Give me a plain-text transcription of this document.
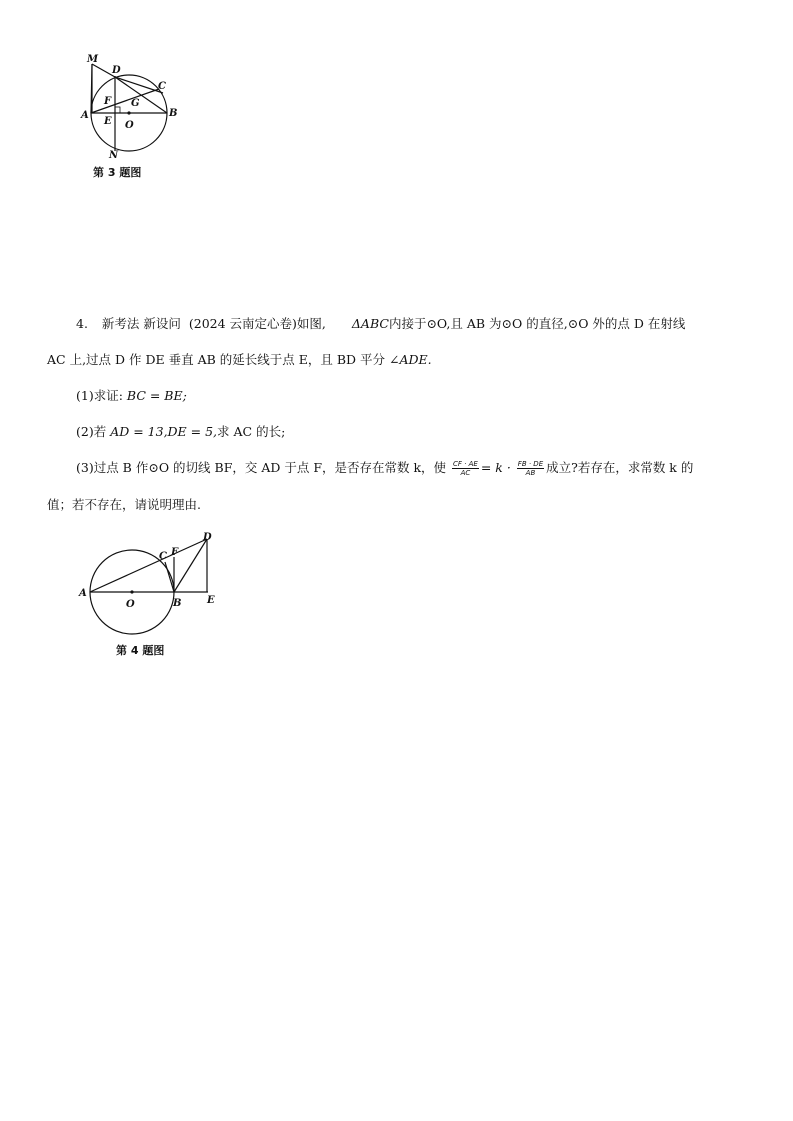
M
D
C
F G
A
E O
B
N
第 3 题图
4. 新考法 新设问 (2024 云南定心卷)如图, ΔABC内接于⊙O,且 AB 为⊙O 的直径,⊙O 外的点 D 在射线
AC 上,过点 D 作 DE 垂直 AB 的延长线于点 E，且 BD 平分 ∠ADE.
(1)求证: BC = BE;
(2)若 AD = 13,DE = 5,求 AC 的长;
(3)过点 B 作⊙O 的切线 BF，交 AD 于点 F，是否存在常数 k，使 $\frac{CF \cdot AE}{AC} = k \cdot \frac{FB \cdot DE}{AB}$ 成立?若存在，求常数 k 的
值；若不存在，请说明理由.
A
O	B
C F
D
E
第 4 题图
